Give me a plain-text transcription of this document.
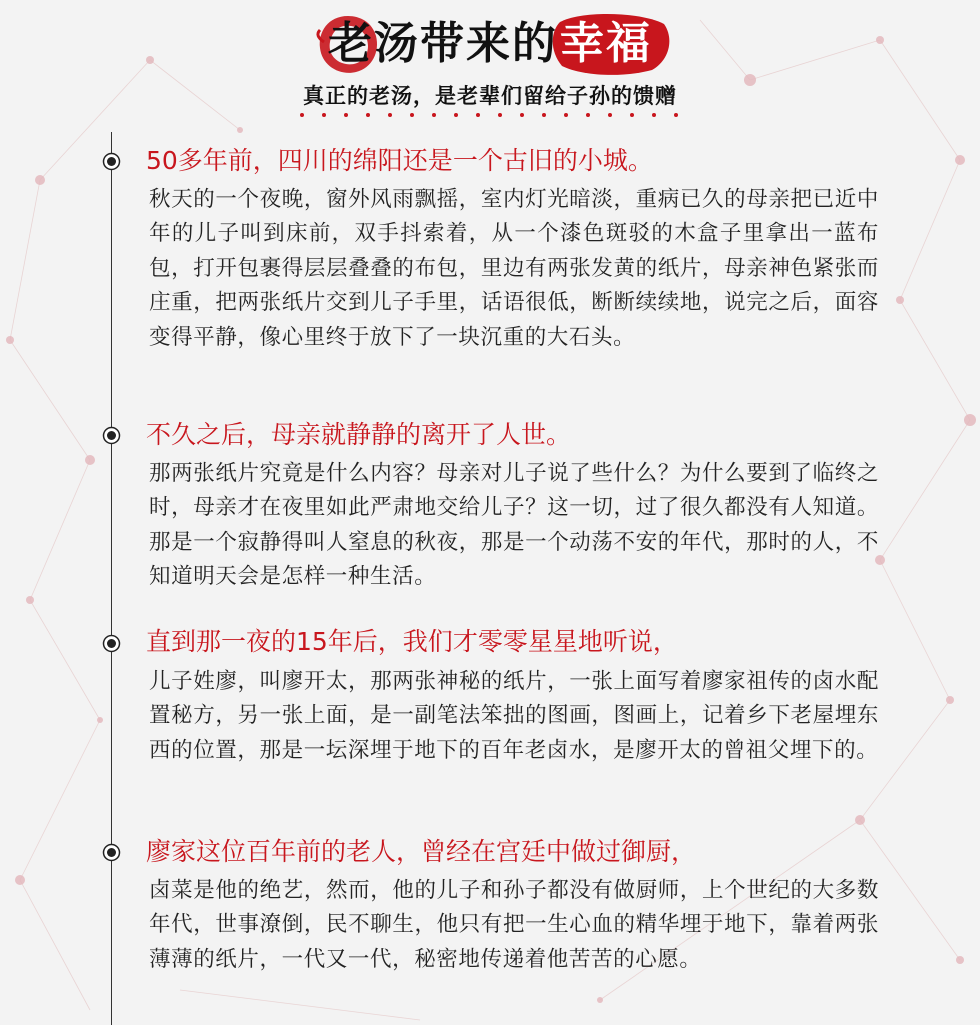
老汤带来的
幸福
真正的老汤，是老辈们留给子孙的馈赠
50多年前，四川的绵阳还是一个古旧的小城。

秋天的一个夜晚，窗外风雨飘摇，室内灯光暗淡，重病已久的母亲把已近中年的儿子叫到床前，双手抖索着，从一个漆色斑驳的木盒子里拿出一蓝布包，打开包裹得层层叠叠的布包，里边有两张发黄的纸片，母亲神色紧张而庄重，把两张纸片交到儿子手里，话语很低，断断续续地，说完之后，面容变得平静，像心里终于放下了一块沉重的大石头。

不久之后，母亲就静静的离开了人世。

那两张纸片究竟是什么内容？母亲对儿子说了些什么？为什么要到了临终之时，母亲才在夜里如此严肃地交给儿子？这一切，过了很久都没有人知道。那是一个寂静得叫人窒息的秋夜，那是一个动荡不安的年代，那时的人，不知道明天会是怎样一种生活。

直到那一夜的15年后，我们才零零星星地听说，

儿子姓廖，叫廖开太，那两张神秘的纸片，一张上面写着廖家祖传的卤水配置秘方，另一张上面，是一副笔法笨拙的图画，图画上，记着乡下老屋埋东西的位置，那是一坛深埋于地下的百年老卤水，是廖开太的曾祖父埋下的。

廖家这位百年前的老人，曾经在宫廷中做过御厨，

卤菜是他的绝艺，然而，他的儿子和孙子都没有做厨师，上个世纪的大多数年代，世事潦倒，民不聊生，他只有把一生心血的精华埋于地下，靠着两张薄薄的纸片，一代又一代，秘密地传递着他苦苦的心愿。
